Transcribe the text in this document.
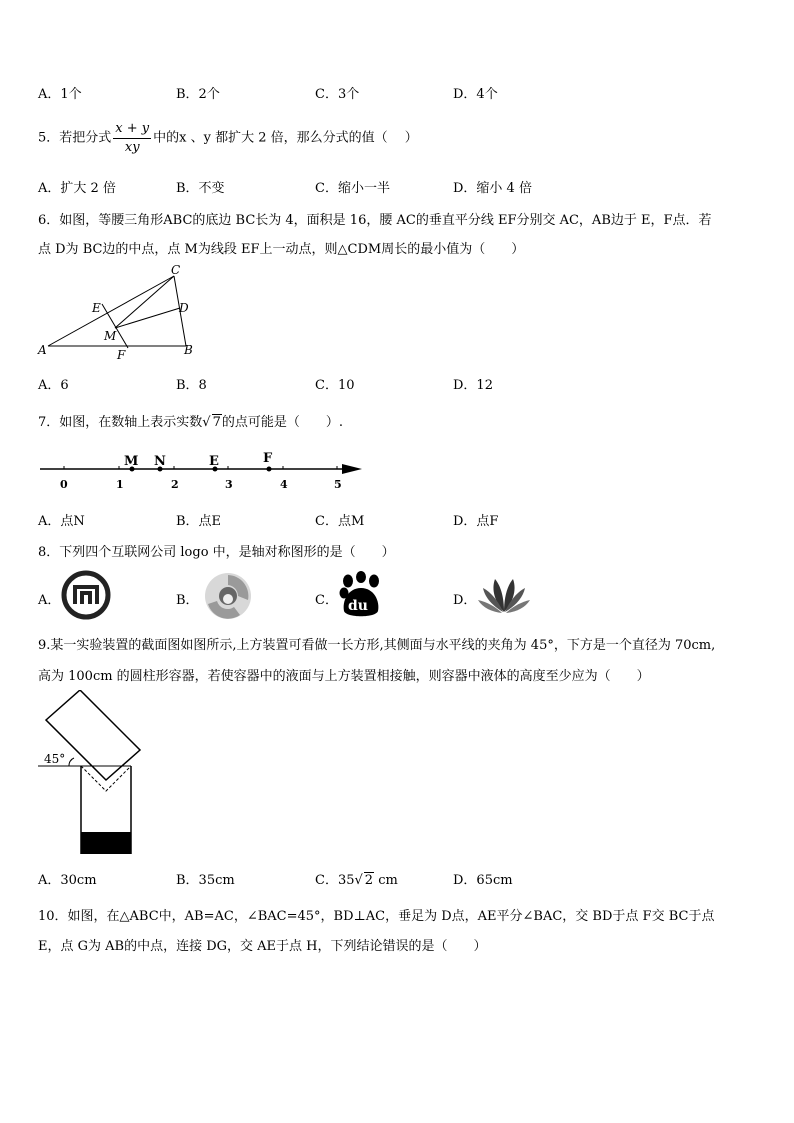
A．1个	B．2个	C．3个	D．4个
5．若把分式 $\frac{x + y}{xy}$ 中的x 、y 都扩大 2 倍，那么分式的值（　 ）
A．扩大 2 倍	B．不变	C．缩小一半	D．缩小 4 倍
6．如图，等腰三角形ABC的底边 BC长为 4，面积是 16，腰 AC的垂直平分线 EF分别交 AC，AB边于 E，F点．若
点 D为 BC边的中点，点 M为线段 EF上一动点，则△CDM周长的最小值为（　　）
C
E	D
M
A	F	B
A．6	B．8	C．10	D．12
7．如图，在数轴上表示实数√ 7的点可能是（　　）.
M N	E	F
0	1	2	3	4	5
A．点N	B．点E	C．点M	D．点F
8．下列四个互联网公司 logo 中，是轴对称图形的是（　　）
A．	B．	C． du	D．
9.某一实验装置的截面图如图所示,上方装置可看做一长方形,其侧面与水平线的夹角为 45°，下方是一个直径为 70cm,
高为 100cm 的圆柱形容器，若使容器中的液面与上方装置相接触，则容器中液体的高度至少应为（　　）
45°
A．30cm	B．35cm	C．35√ 2 cm	D．65cm
10．如图，在△ABC中，AB=AC，∠BAC=45°，BD⊥AC，垂足为 D点，AE平分∠BAC，交 BD于点 F交 BC于点
E，点 G为 AB的中点，连接 DG，交 AE于点 H，下列结论错误的是（　　）
